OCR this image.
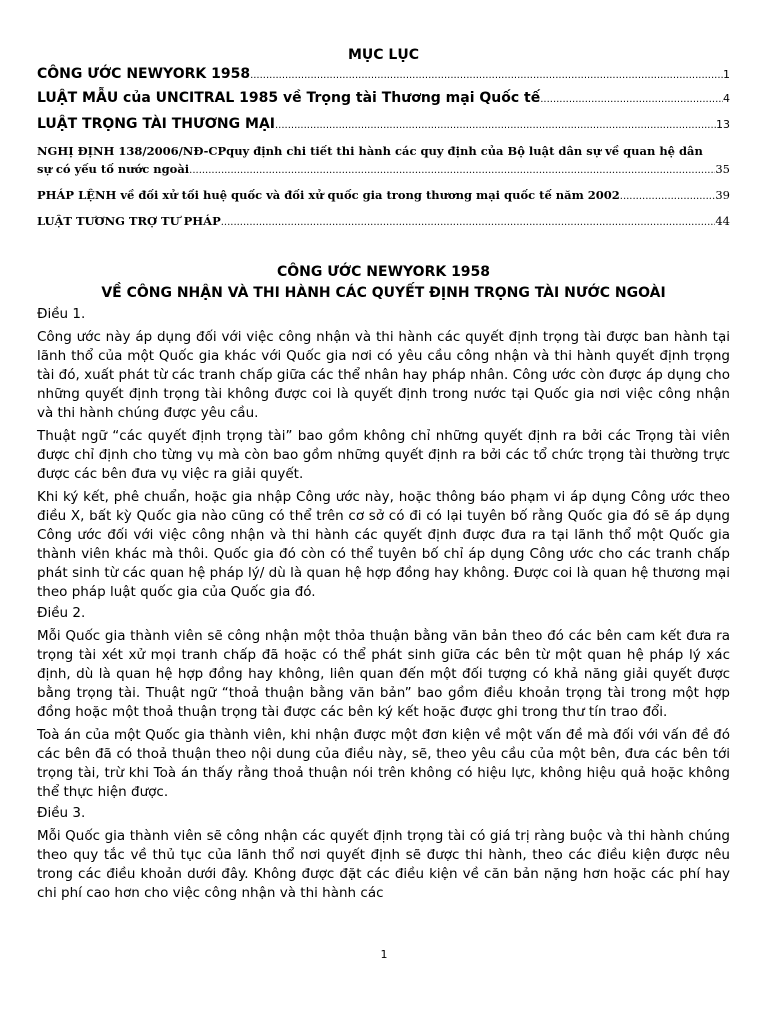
MỤC LỤC

CÔNG ƯỚC NEWYORK 1958 .....	1
LUẬT MẪU của UNCITRAL 1985 về Trọng tài Thương mại Quốc tế .....	4
LUẬT TRỌNG TÀI THƯƠNG MẠI .....	13
NGHỊ ĐỊNH 138/2006/NĐ-CPquy định chi tiết thi hành các quy định của Bộ luật dân sự về quan hệ dân
sự có yếu tố nước ngoài .....	35
PHÁP LỆNH về đối xử tối huệ quốc và đối xử quốc gia trong thương mại quốc tế năm 2002 .....	39
LUẬT TƯƠNG TRỢ TƯ PHÁP .....	44

CÔNG ƯỚC NEWYORK 1958

VỀ CÔNG NHẬN VÀ THI HÀNH CÁC QUYẾT ĐỊNH TRỌNG TÀI NƯỚC NGOÀI

Điều 1.

Công ước này áp dụng đối với việc công nhận và thi hành các quyết định trọng tài được ban hành tại lãnh thổ của một Quốc gia khác với Quốc gia nơi có yêu cầu công nhận và thi hành quyết định trọng tài đó, xuất phát từ các tranh chấp giữa các thể nhân hay pháp nhân. Công ước còn được áp dụng cho những quyết định trọng tài không được coi là quyết định trong nước tại Quốc gia nơi việc công nhận và thi hành chúng được yêu cầu.

Thuật ngữ “các quyết định trọng tài” bao gồm không chỉ những quyết định ra bởi các Trọng tài viên được chỉ định cho từng vụ mà còn bao gồm những quyết định ra bởi các tổ chức trọng tài thường trực được các bên đưa vụ việc ra giải quyết.

Khi ký kết, phê chuẩn, hoặc gia nhập Công ước này, hoặc thông báo phạm vi áp dụng Công ước theo điều X, bất kỳ Quốc gia nào cũng có thể trên cơ sở có đi có lại tuyên bố rằng Quốc gia đó sẽ áp dụng Công ước đối với việc công nhận và thi hành các quyết định được đưa ra tại lãnh thổ một Quốc gia thành viên khác mà thôi. Quốc gia đó còn có thể tuyên bố chỉ áp dụng Công ước cho các tranh chấp phát sinh từ các quan hệ pháp lý/ dù là quan hệ hợp đồng hay không. Được coi là quan hệ thương mại theo pháp luật quốc gia của Quốc gia đó.

Điều 2.

Mỗi Quốc gia thành viên sẽ công nhận một thỏa thuận bằng văn bản theo đó các bên cam kết đưa ra trọng tài xét xử mọi tranh chấp đã hoặc có thể phát sinh giữa các bên từ một quan hệ pháp lý xác định, dù là quan hệ hợp đồng hay không, liên quan đến một đối tượng có khả năng giải quyết được bằng trọng tài. Thuật ngữ “thoả thuận bằng văn bản” bao gồm điều khoản trọng tài trong một hợp đồng hoặc một thoả thuận trọng tài được các bên ký kết hoặc được ghi trong thư tín trao đổi.

Toà án của một Quốc gia thành viên, khi nhận được một đơn kiện về một vấn đề mà đối với vấn đề đó các bên đã có thoả thuận theo nội dung của điều này, sẽ, theo yêu cầu của một bên, đưa các bên tới trọng tài, trừ khi Toà án thấy rằng thoả thuận nói trên không có hiệu lực, không hiệu quả hoặc không thể thực hiện được.

Điều 3.

Mỗi Quốc gia thành viên sẽ công nhận các quyết định trọng tài có giá trị ràng buộc và thi hành chúng theo quy tắc về thủ tục của lãnh thổ nơi quyết định sẽ được thi hành, theo các điều kiện được nêu trong các điều khoản dưới đây. Không được đặt các điều kiện về căn bản nặng hơn hoặc các phí hay chi phí cao hơn cho việc công nhận và thi hành các

1
